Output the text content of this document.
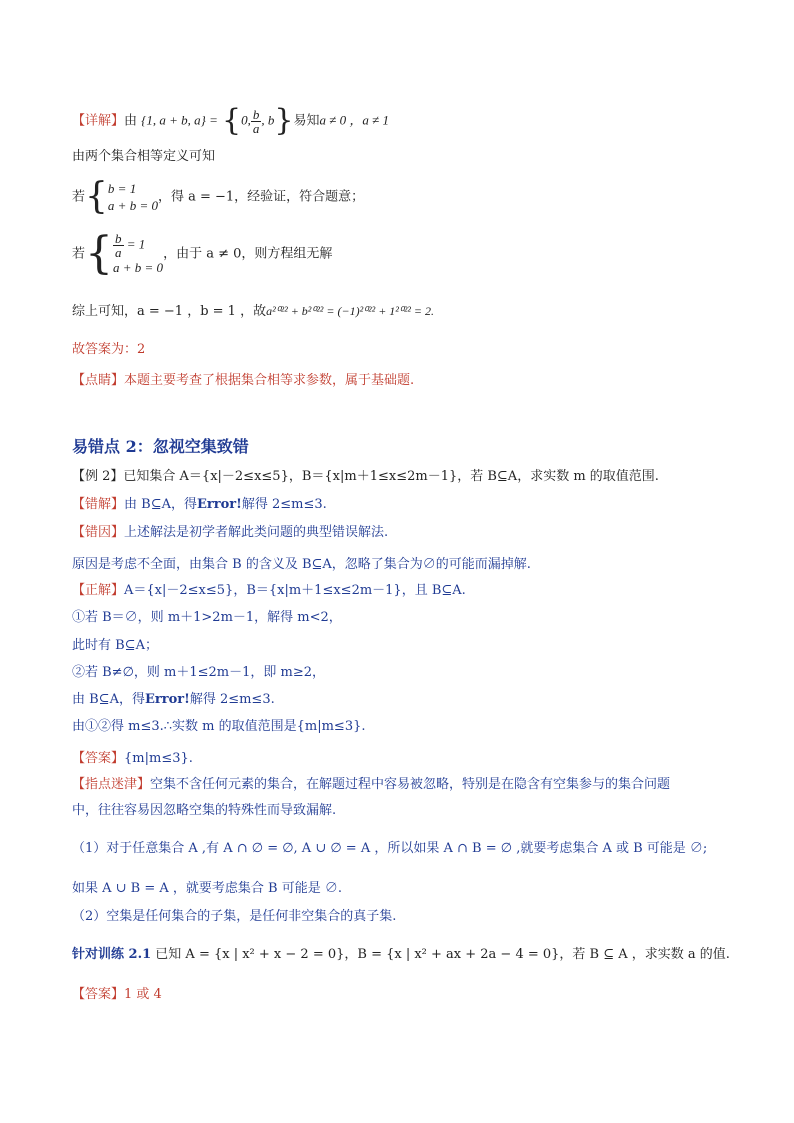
【详解】由 {1, a + b, a} = {0, $\frac{b}{a}$ , b}易知a ≠ 0 ，a ≠ 1
由两个集合相等定义可知
若{ b = 1
a + b = 0
，得 a = −1，经验证，符合题意；
若{ $\frac{b}{a} = 1$
a + b = 0
，由于 a ≠ 0，则方程组无解
综上可知，a = −1 ，b = 1 ，故a²⁰²² + b²⁰²² = (−1)²⁰²² + 1²⁰²² = 2.
故答案为：2
【点睛】本题主要考查了根据集合相等求参数，属于基础题.
易错点 2：忽视空集致错
【例 2】已知集合 A＝{x|－2≤x≤5}，B＝{x|m＋1≤x≤2m－1}，若 B⊆A，求实数 m 的取值范围.
【错解】由 B⊆A，得Error!解得 2≤m≤3.
【错因】上述解法是初学者解此类问题的典型错误解法.
原因是考虑不全面，由集合 B 的含义及 B⊆A，忽略了集合为∅的可能而漏掉解.
【正解】A＝{x|－2≤x≤5}，B＝{x|m＋1≤x≤2m－1}，且 B⊆A.
①若 B＝∅，则 m＋1>2m－1，解得 m<2，
此时有 B⊆A；
②若 B≠∅，则 m＋1≤2m－1，即 m≥2，
由 B⊆A，得Error!解得 2≤m≤3.
由①②得 m≤3.∴实数 m 的取值范围是{m|m≤3}.
【答案】{m|m≤3}.
【指点迷津】空集不含任何元素的集合，在解题过程中容易被忽略，特别是在隐含有空集参与的集合问题
中，往往容易因忽略空集的特殊性而导致漏解.
（1）对于任意集合 A ,有 A ∩ ∅ = ∅, A ∪ ∅ = A ，所以如果 A ∩ B = ∅ ,就要考虑集合 A 或 B 可能是 ∅;
如果 A ∪ B = A ，就要考虑集合 B 可能是 ∅.
（2）空集是任何集合的子集，是任何非空集合的真子集.
针对训练 2.1 已知 A = {x | x² + x − 2 = 0}，B = {x | x² + ax + 2a − 4 = 0}，若 B ⊆ A ，求实数 a 的值.
【答案】1 或 4
